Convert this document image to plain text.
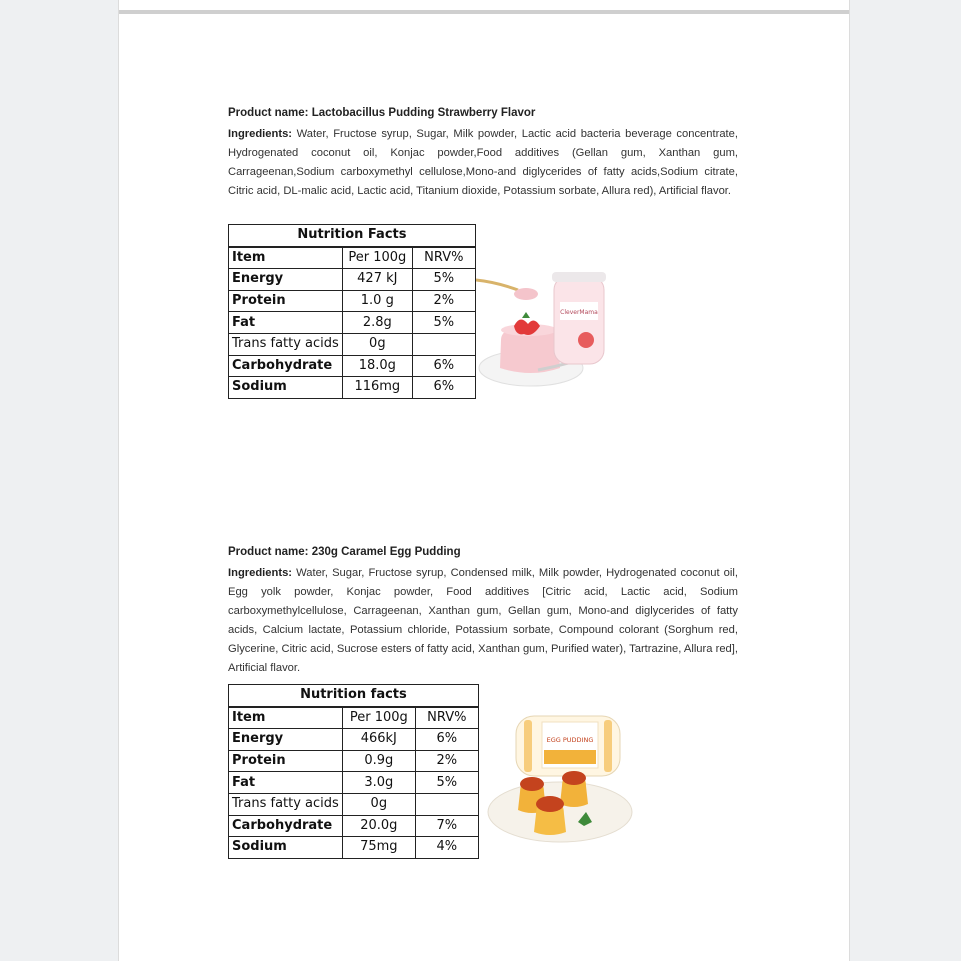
Product name: Lactobacillus Pudding Strawberry Flavor

Ingredients: Water, Fructose syrup, Sugar, Milk powder, Lactic acid bacteria beverage concentrate, Hydrogenated coconut oil, Konjac powder,Food additives (Gellan gum, Xanthan gum, Carrageenan,Sodium carboxymethyl cellulose,Mono-and diglycerides of fatty acids,Sodium citrate, Citric acid, DL-malic acid, Lactic acid, Titanium dioxide, Potassium sorbate, Allura red), Artificial flavor.

Nutrition Facts		
Item	Per 100g	NRV%
Energy	427 kJ	5%
Protein	1.0 g	2%
Fat	2.8g	5%
Trans fatty acids	0g	
Carbohydrate	18.0g	6%
Sodium	116mg	6%
CleverMama

Product name: 230g Caramel Egg Pudding

Ingredients: Water, Sugar, Fructose syrup, Condensed milk, Milk powder, Hydrogenated coconut oil, Egg yolk powder, Konjac powder, Food additives [Citric acid, Lactic acid, Sodium carboxymethylcellulose, Carrageenan, Xanthan gum, Gellan gum, Mono-and diglycerides of fatty acids, Calcium lactate, Potassium chloride, Potassium sorbate, Compound colorant (Sorghum red, Glycerine, Citric acid, Sucrose esters of fatty acid, Xanthan gum, Purified water), Tartrazine, Allura red], Artificial flavor.

Nutrition facts		
Item	Per 100g	NRV%
Energy	466kJ	6%
Protein	0.9g	2%
Fat	3.0g	5%
Trans fatty acids	0g	
Carbohydrate	20.0g	7%
Sodium	75mg	4%
EGG PUDDING
